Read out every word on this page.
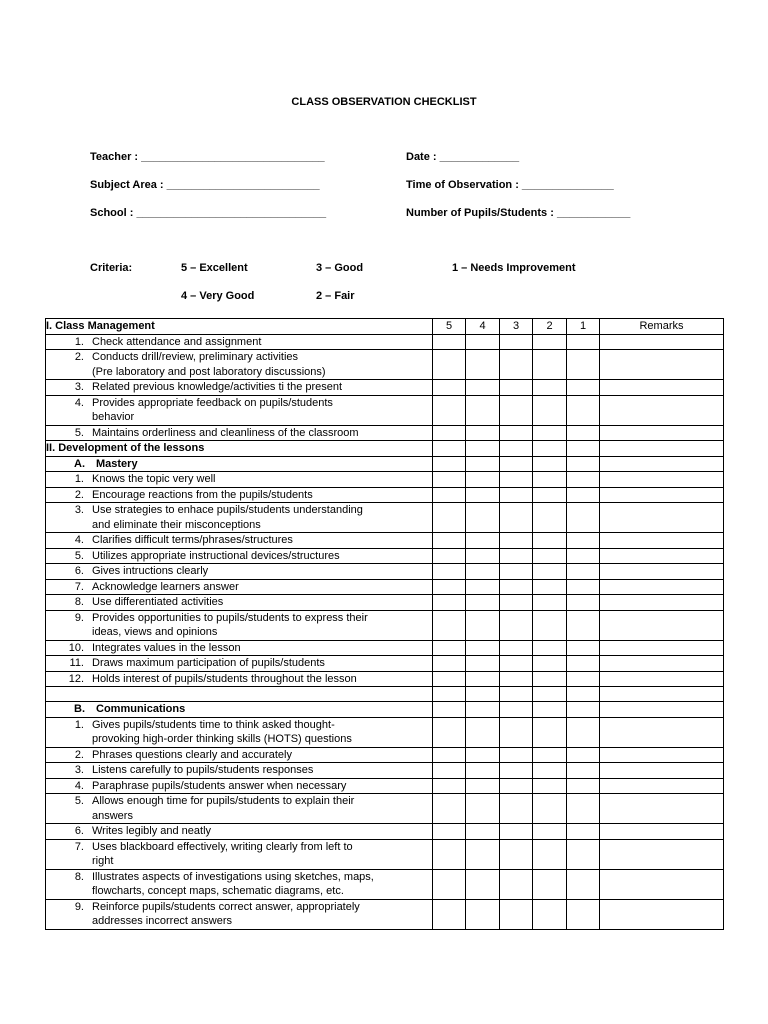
CLASS OBSERVATION CHECKLIST
Teacher : ______________________________	Date : _____________
Subject Area : _________________________	Time of Observation : _______________
School : _______________________________	Number of Pupils/Students : ____________
Criteria:	5 – Excellent	3 – Good	1 – Needs Improvement
4 – Very Good	2 – Fair
I. Class Management	5	4	3	2	1	Remarks

1. Check attendance and assignment						

2. Conducts drill/review, preliminary activities
(Pre laboratory and post laboratory discussions)						

3. Related previous knowledge/activities ti the present						

4. Provides appropriate feedback on pupils/students
behavior						

5. Maintains orderliness and cleanliness of the classroom						

II. Development of the lessons						

A. Mastery						

1. Knows the topic very well						

2. Encourage reactions from the pupils/students						

3. Use strategies to enhace pupils/students understanding
and eliminate their misconceptions						

4. Clarifies difficult terms/phrases/structures						

5. Utilizes appropriate instructional devices/structures						

6. Gives intructions clearly						

7. Acknowledge learners answer						

8. Use differentiated activities						

9. Provides opportunities to pupils/students to express their
ideas, views and opinions						

10. Integrates values in the lesson						

11. Draws maximum participation of pupils/students						

12. Holds interest of pupils/students throughout the lesson						

B. Communications						

1. Gives pupils/students time to think asked thought-
provoking high-order thinking skills (HOTS) questions						

2. Phrases questions clearly and accurately						

3. Listens carefully to pupils/students responses						

4. Paraphrase pupils/students answer when necessary						

5. Allows enough time for pupils/students to explain their
answers						

6. Writes legibly and neatly						

7. Uses blackboard effectively, writing clearly from left to
right						

8. Illustrates aspects of investigations using sketches, maps,
flowcharts, concept maps, schematic diagrams, etc.						

9. Reinforce pupils/students correct answer, appropriately
addresses incorrect answers						
